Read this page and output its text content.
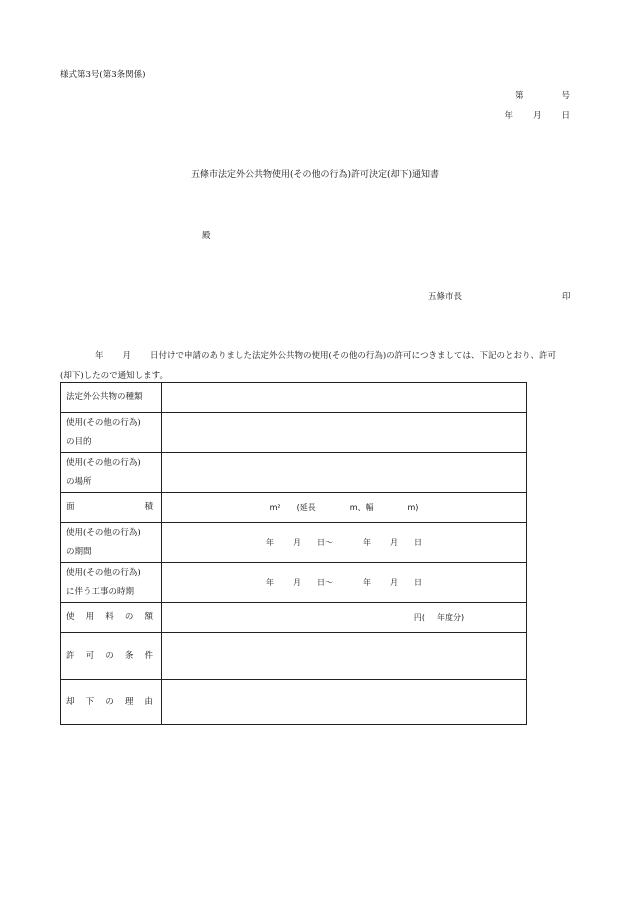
様式第3号(第3条関係)
第	号
年 月 日
五條市法定外公共物使用(その他の行為)許可決定(却下)通知書
殿
五條市長	印
年 月 日付けで申請のありました法定外公共物の使用(その他の行為)の許可につきましては、下記のとおり、許可
(却下)したので通知します。
法定外公共物の種類	

使用(その他の行為)
の目的	

使用(その他の行為)
の場所	

面　積	m² (延長 m、幅 m)

使用(その他の行為)
の期間	年 月 日～ 年 月 日

使用(その他の行為)
に伴う工事の時期	年 月 日～ 年 月 日
使用料の額	円( 年度分)
許可の条件	
却下の理由	
